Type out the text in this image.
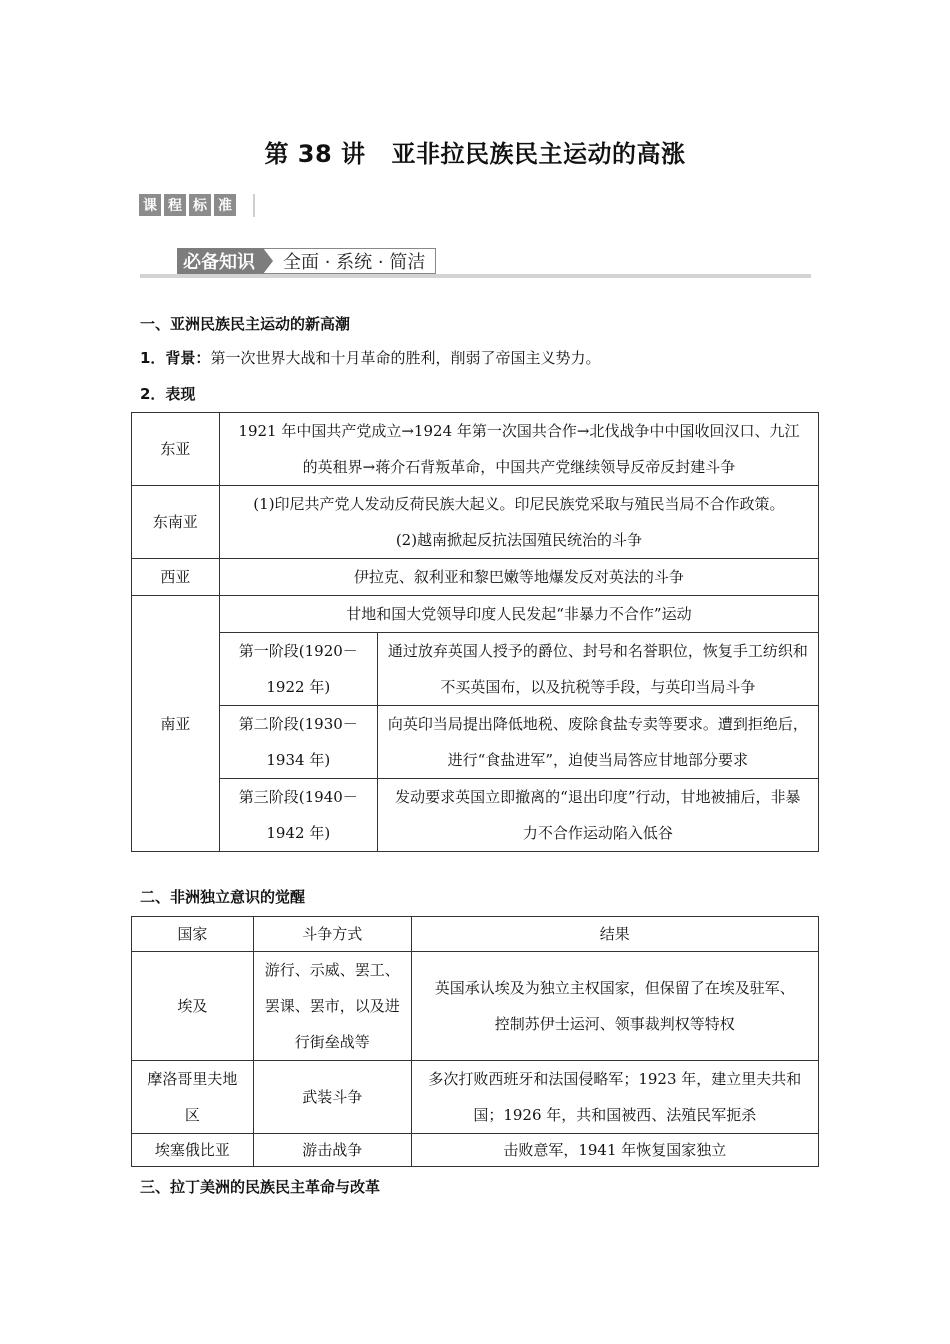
第 38 讲 亚非拉民族民主运动的高涨
课 程 标 准
必备知识	全面 · 系统 · 简洁
一、亚洲民族民主运动的新高潮
1．背景：第一次世界大战和十月革命的胜利，削弱了帝国主义势力。
2．表现
东亚	1921 年中国共产党成立→1924 年第一次国共合作→北伐战争中中国收回汉口、九江的英租界→蒋介石背叛革命，中国共产党继续领导反帝反封建斗争	
东南亚	(1)印尼共产党人发动反荷民族大起义。印尼民族党采取与殖民当局不合作政策。
(2)越南掀起反抗法国殖民统治的斗争	

西亚	伊拉克、叙利亚和黎巴嫩等地爆发反对英法的斗争	
南亚	甘地和国大党领导印度人民发起“非暴力不合作”运动	
	第一阶段(1920－1922 年)	通过放弃英国人授予的爵位、封号和名誉职位，恢复手工纺织和不买英国布，以及抗税等手段，与英印当局斗争
	第二阶段(1930－1934 年)	向英印当局提出降低地税、废除食盐专卖等要求。遭到拒绝后，进行“食盐进军”，迫使当局答应甘地部分要求
	第三阶段(1940－1942 年)	发动要求英国立即撤离的“退出印度”行动，甘地被捕后，非暴力不合作运动陷入低谷
二、非洲独立意识的觉醒
国家	斗争方式	结果
埃及	游行、示威、罢工、罢课、罢市，以及进行街垒战等	英国承认埃及为独立主权国家，但保留了在埃及驻军、控制苏伊士运河、领事裁判权等特权
摩洛哥里夫地区	武装斗争	多次打败西班牙和法国侵略军；1923 年，建立里夫共和国；1926 年，共和国被西、法殖民军扼杀
埃塞俄比亚	游击战争	击败意军，1941 年恢复国家独立
三、拉丁美洲的民族民主革命与改革
